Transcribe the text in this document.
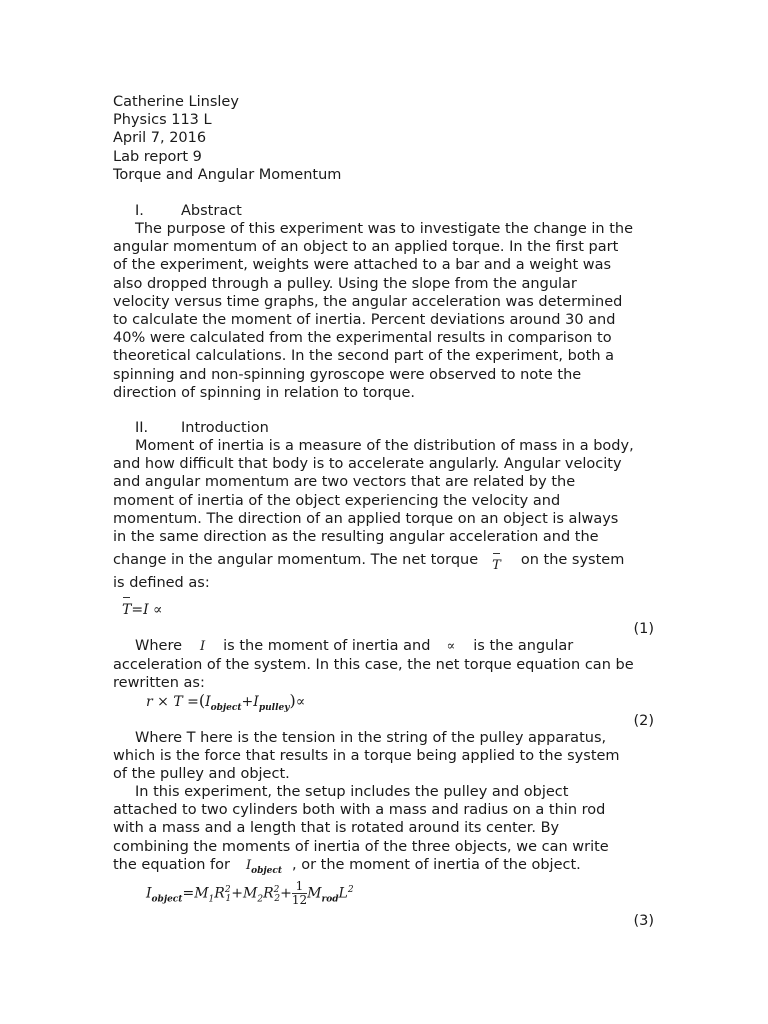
Catherine Linsley
Physics 113 L
April 7, 2016
Lab report 9
Torque and Angular Momentum
I.	Abstract
The purpose of this experiment was to investigate the change in the
angular momentum of an object to an applied torque. In the first part
of the experiment, weights were attached to a bar and a weight was
also dropped through a pulley. Using the slope from the angular
velocity versus time graphs, the angular acceleration was determined
to calculate the moment of inertia. Percent deviations around 30 and
40% were calculated from the experimental results in comparison to
theoretical calculations. In the second part of the experiment, both a
spinning and non-spinning gyroscope were observed to note the
direction of spinning in relation to torque.
II. Introduction
Moment of inertia is a measure of the distribution of mass in a body,
and how difficult that body is to accelerate angularly. Angular velocity
and angular momentum are two vectors that are related by the
moment of inertia of the object experiencing the velocity and
momentum. The direction of an applied torque on an object is always
in the same direction as the resulting angular acceleration and the
change in the angular momentum. The net torque T on the system
is defined as:
T=I ∝
(1)
Where I is the moment of inertia and ∝ is the angular
acceleration of the system. In this case, the net torque equation can be
rewritten as:
$r \times T =(I_{object}+I_{pulley})\propto$
(2)
Where T here is the tension in the string of the pulley apparatus,
which is the force that results in a torque being applied to the system
of the pulley and object.
In this experiment, the setup includes the pulley and object
attached to two cylinders both with a mass and radius on a thin rod
with a mass and a length that is rotated around its center. By
combining the moments of inertia of the three objects, we can write
the equation for $I_{object}$ , or the moment of inertia of the object.
$I_{object}=M_1R^2_1+M_2R^2_2+ \frac{1}{12} M_{rod}L^2$
(3)
